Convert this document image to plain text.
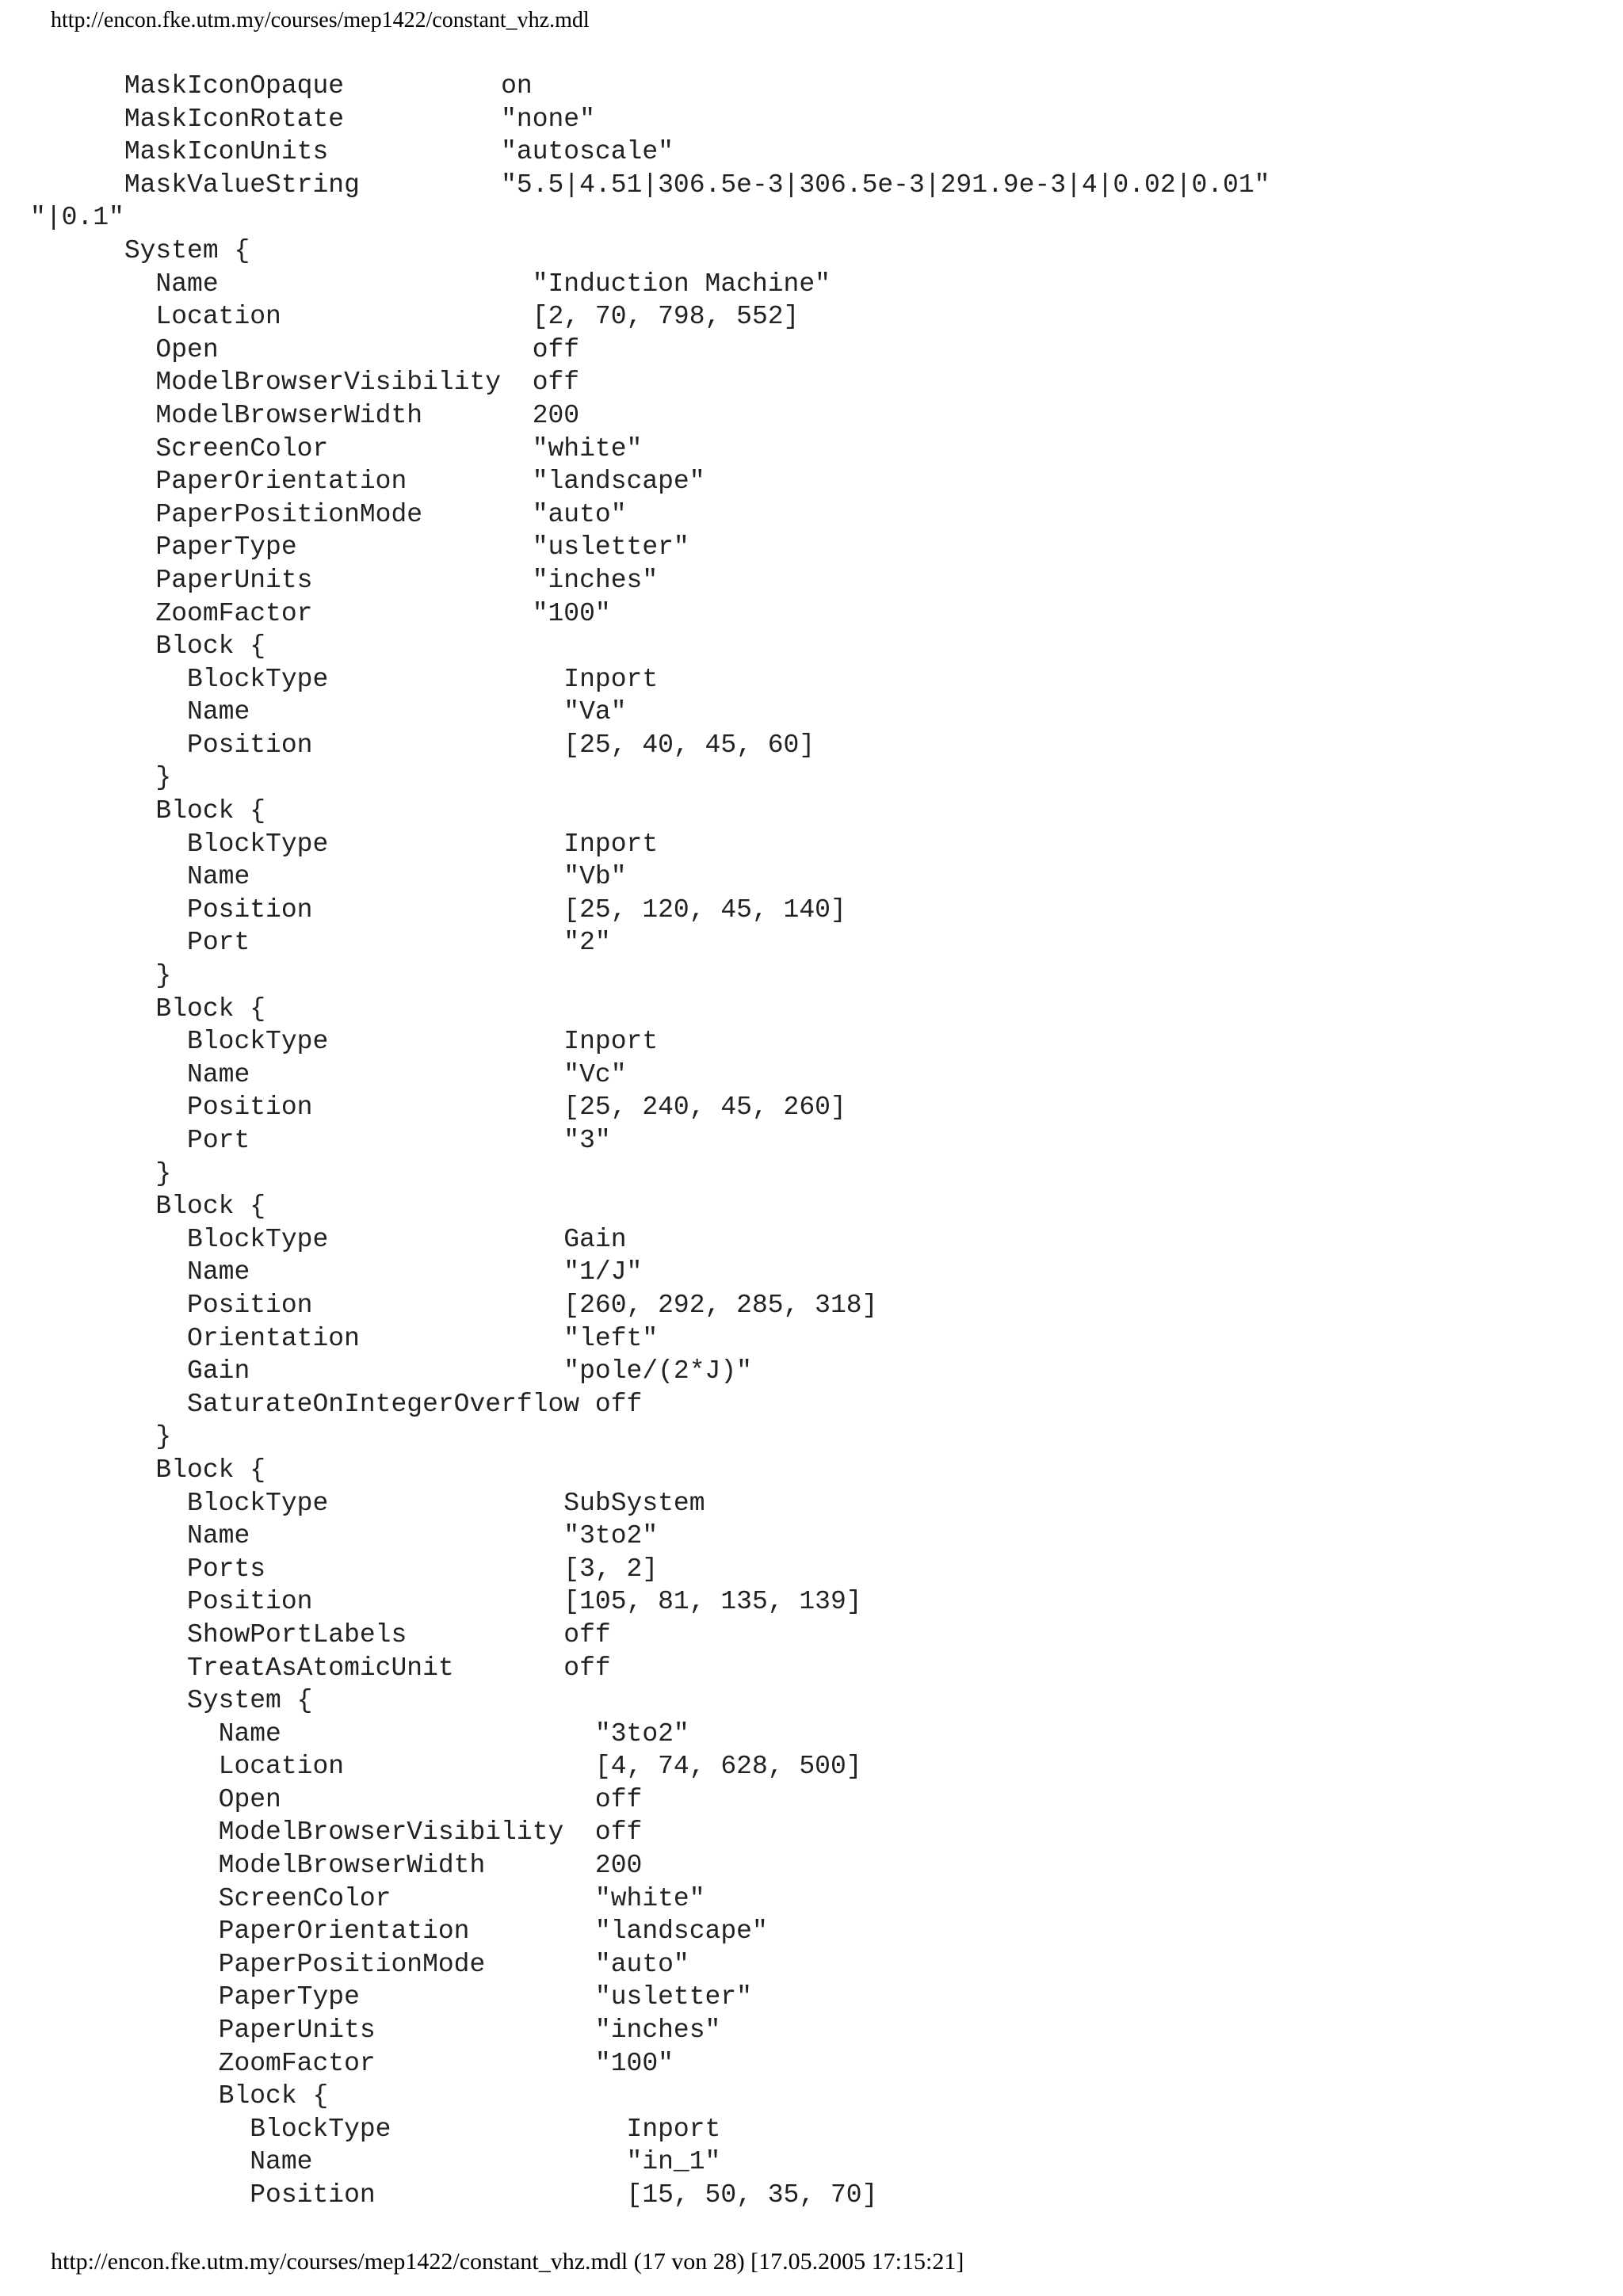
http://encon.fke.utm.my/courses/mep1422/constant_vhz.mdl
MaskIconOpaque          on
MaskIconRotate          "none"
MaskIconUnits           "autoscale"
MaskValueString         "5.5|4.51|306.5e-3|306.5e-3|291.9e-3|4|0.02|0.01"
"|0.1"
System {
Name                    "Induction Machine"
Location                [2, 70, 798, 552]
Open                    off
ModelBrowserVisibility  off
ModelBrowserWidth       200
ScreenColor             "white"
PaperOrientation        "landscape"
PaperPositionMode       "auto"
PaperType               "usletter"
PaperUnits              "inches"
ZoomFactor              "100"
Block {
BlockType               Inport
Name                    "Va"
Position                [25, 40, 45, 60]
}
Block {
BlockType               Inport
Name                    "Vb"
Position                [25, 120, 45, 140]
Port                    "2"
}
Block {
BlockType               Inport
Name                    "Vc"
Position                [25, 240, 45, 260]
Port                    "3"
}
Block {
BlockType               Gain
Name                    "1/J"
Position                [260, 292, 285, 318]
Orientation             "left"
Gain                    "pole/(2*J)"
SaturateOnIntegerOverflow off
}
Block {
BlockType               SubSystem
Name                    "3to2"
Ports                   [3, 2]
Position                [105, 81, 135, 139]
ShowPortLabels          off
TreatAsAtomicUnit       off
System {
Name                    "3to2"
Location                [4, 74, 628, 500]
Open                    off
ModelBrowserVisibility  off
ModelBrowserWidth       200
ScreenColor             "white"
PaperOrientation        "landscape"
PaperPositionMode       "auto"
PaperType               "usletter"
PaperUnits              "inches"
ZoomFactor              "100"
Block {
BlockType               Inport
Name                    "in_1"
Position                [15, 50, 35, 70]
http://encon.fke.utm.my/courses/mep1422/constant_vhz.mdl (17 von 28) [17.05.2005 17:15:21]
